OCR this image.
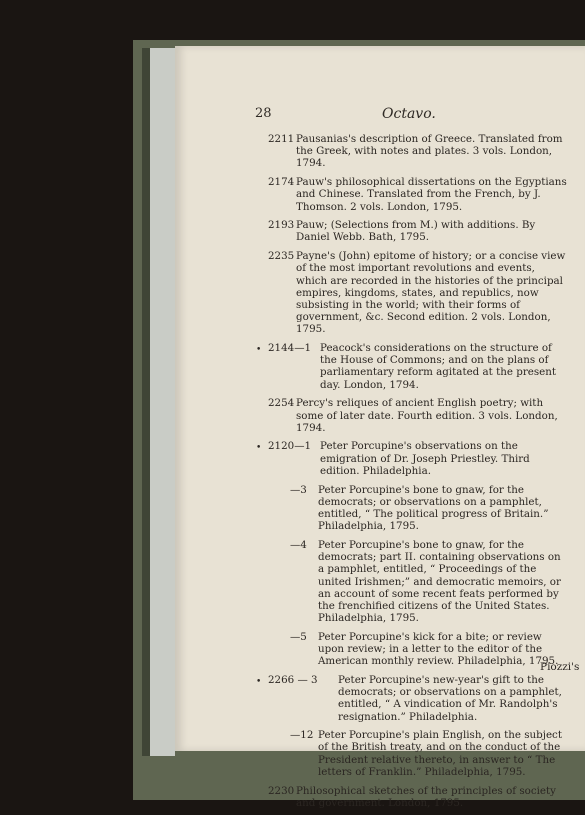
28	Octavo.
2211 Pausanias's description of Greece. Translated from the Greek, with notes and plates. 3 vols. London, 1794.
2174 Pauw's philosophical dissertations on the Egyptians and Chinese. Translated from the French, by J. Thomson. 2 vols. London, 1795.
2193 Pauw; (Selections from M.) with additions. By Daniel Webb. Bath, 1795.
2235 Payne's (John) epitome of history; or a concise view of the most important revolutions and events, which are recorded in the histories of the principal empires, kingdoms, states, and republics, now subsisting in the world; with their forms of government, &c. Second edition. 2 vols. London, 1795.
• 2144—1 Peacock's considerations on the structure of the House of Commons; and on the plans of parliamentary reform agitated at the present day. London, 1794.
2254 Percy's reliques of ancient English poetry; with some of later date. Fourth edition. 3 vols. London, 1794.
• 2120—1 Peter Porcupine's observations on the emigration of Dr. Joseph Priestley. Third edition. Philadelphia.
—3 Peter Porcupine's bone to gnaw, for the democrats; or observations on a pamphlet, entitled, “ The political progress of Britain.” Philadelphia, 1795.
—4 Peter Porcupine's bone to gnaw, for the democrats; part II. containing observations on a pamphlet, entitled, “ Proceedings of the united Irishmen;” and democratic memoirs, or an account of some recent feats performed by the frenchified citizens of the United States. Philadelphia, 1795.
—5 Peter Porcupine's kick for a bite; or review upon review; in a letter to the editor of the American monthly review. Philadelphia, 1795.
• 2266 — 3	Peter Porcupine's new-year's gift to the democrats; or observations on a pamphlet, entitled, “ A vindication of Mr. Randolph's resignation.” Philadelphia.
—12 Peter Porcupine's plain English, on the subject of the British treaty, and on the conduct of the President relative thereto, in answer to “ The letters of Franklin.” Philadelphia, 1795.
2230 Philosophical sketches of the principles of society and government. London, 1795.
Piozzi's
